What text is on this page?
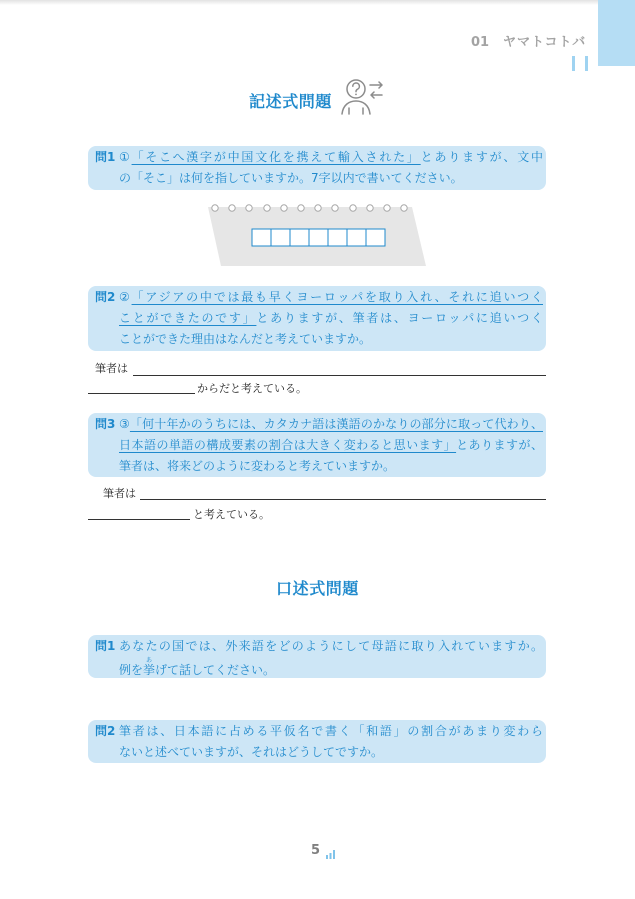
01 ヤマトコトバ
記述式問題
問1 ①「そこへ漢字が中国文化を携えて輸入された」とありますが、文中
の「そこ」は何を指していますか。7字以内で書いてください。
問2 ②「アジアの中では最も早くヨーロッパを取り入れ、それに追いつく
ことができたのです」とありますが、筆者は、ヨーロッパに追いつく
ことができた理由はなんだと考えていますか。
筆者は
からだと考えている。
問3 ③「何十年かのうちには、カタカナ語は漢語のかなりの部分に取って代わり、
日本語の単語の構成要素の割合は大きく変わると思います」とありますが、
筆者は、将来どのように変わると考えていますか。
筆者は
と考えている。
口述式問題
問1 あなたの国では、外来語をどのようにして母語に取り入れていますか。
例を挙あげて話してください。
問2 筆者は、日本語に占める平仮名で書く「和語」の割合があまり変わら
ないと述べていますが、それはどうしてですか。
5
